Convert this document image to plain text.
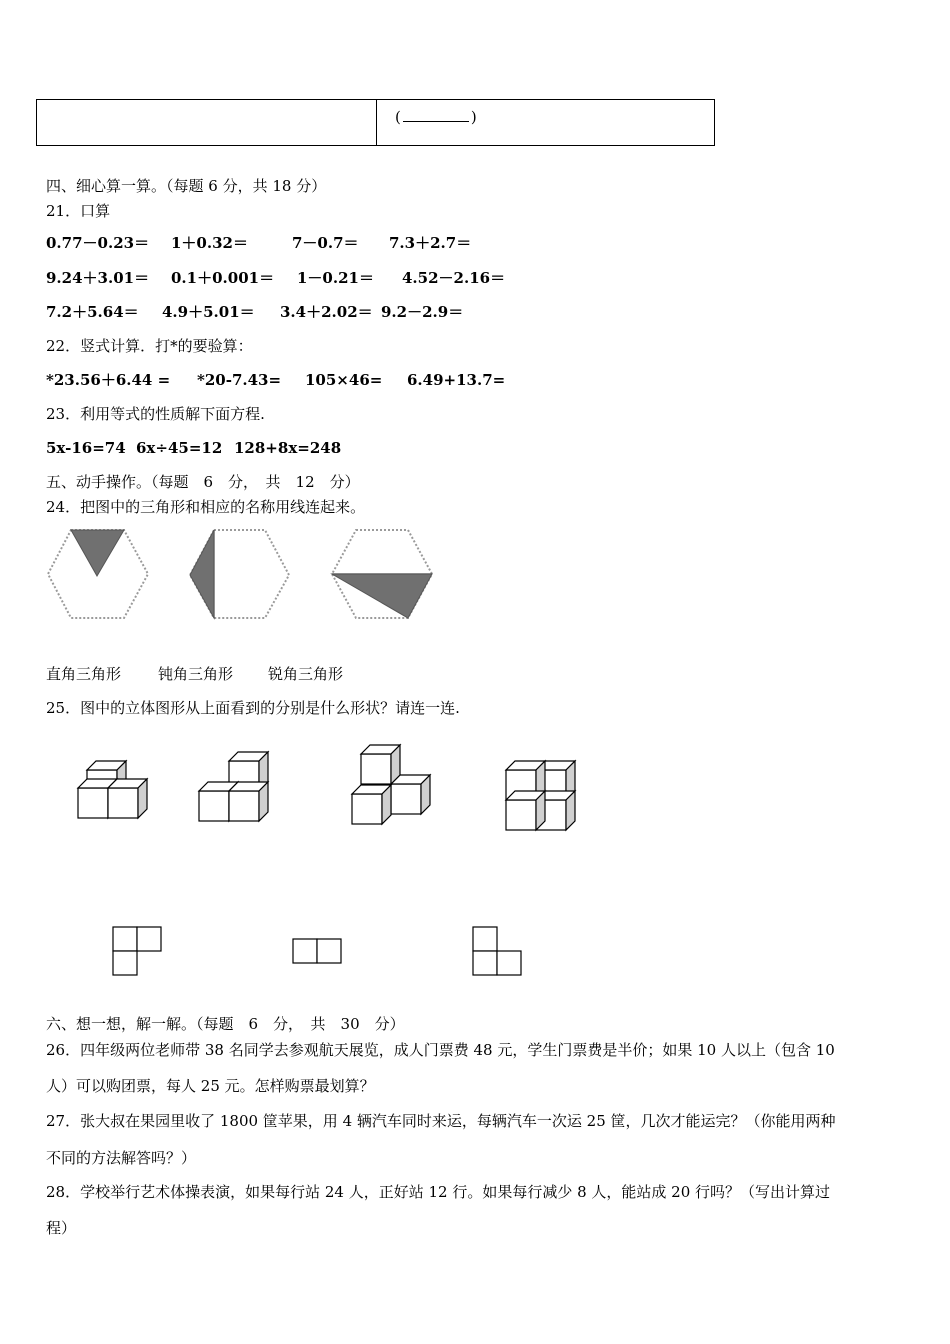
(	)
四、细心算一算。（每题 6 分，共 18 分）
21．口算
0.77－0.23＝ 1＋0.32＝	7－0.7＝ 7.3＋2.7＝
9.24＋3.01＝ 0.1＋0.001＝ 1－0.21＝ 4.52－2.16＝
7.2＋5.64＝ 4.9＋5.01＝ 3.4＋2.02＝ 9.2－2.9＝
22．竖式计算．打*的要验算：
*23.56＋6.44 = *20-7.43= 105×46= 6.49+13.7=
23．利用等式的性质解下面方程.
5x-16=74 6x÷45=12 128+8x=248
五、动手操作。（每题　6　分，　共　12　分）
24．把图中的三角形和相应的名称用线连起来。
直角三角形 钝角三角形 锐角三角形
25．图中的立体图形从上面看到的分别是什么形状？请连一连.
六、想一想，解一解。（每题　6　分，　共　30　分）
26．四年级两位老师带 38 名同学去参观航天展览，成人门票费 48 元，学生门票费是半价；如果 10 人以上（包含 10
人）可以购团票，每人 25 元。怎样购票最划算？
27．张大叔在果园里收了 1800 筐苹果，用 4 辆汽车同时来运，每辆汽车一次运 25 筐，几次才能运完？（你能用两种
不同的方法解答吗？）
28．学校举行艺术体操表演，如果每行站 24 人，正好站 12 行。如果每行减少 8 人，能站成 20 行吗？（写出计算过
程）
